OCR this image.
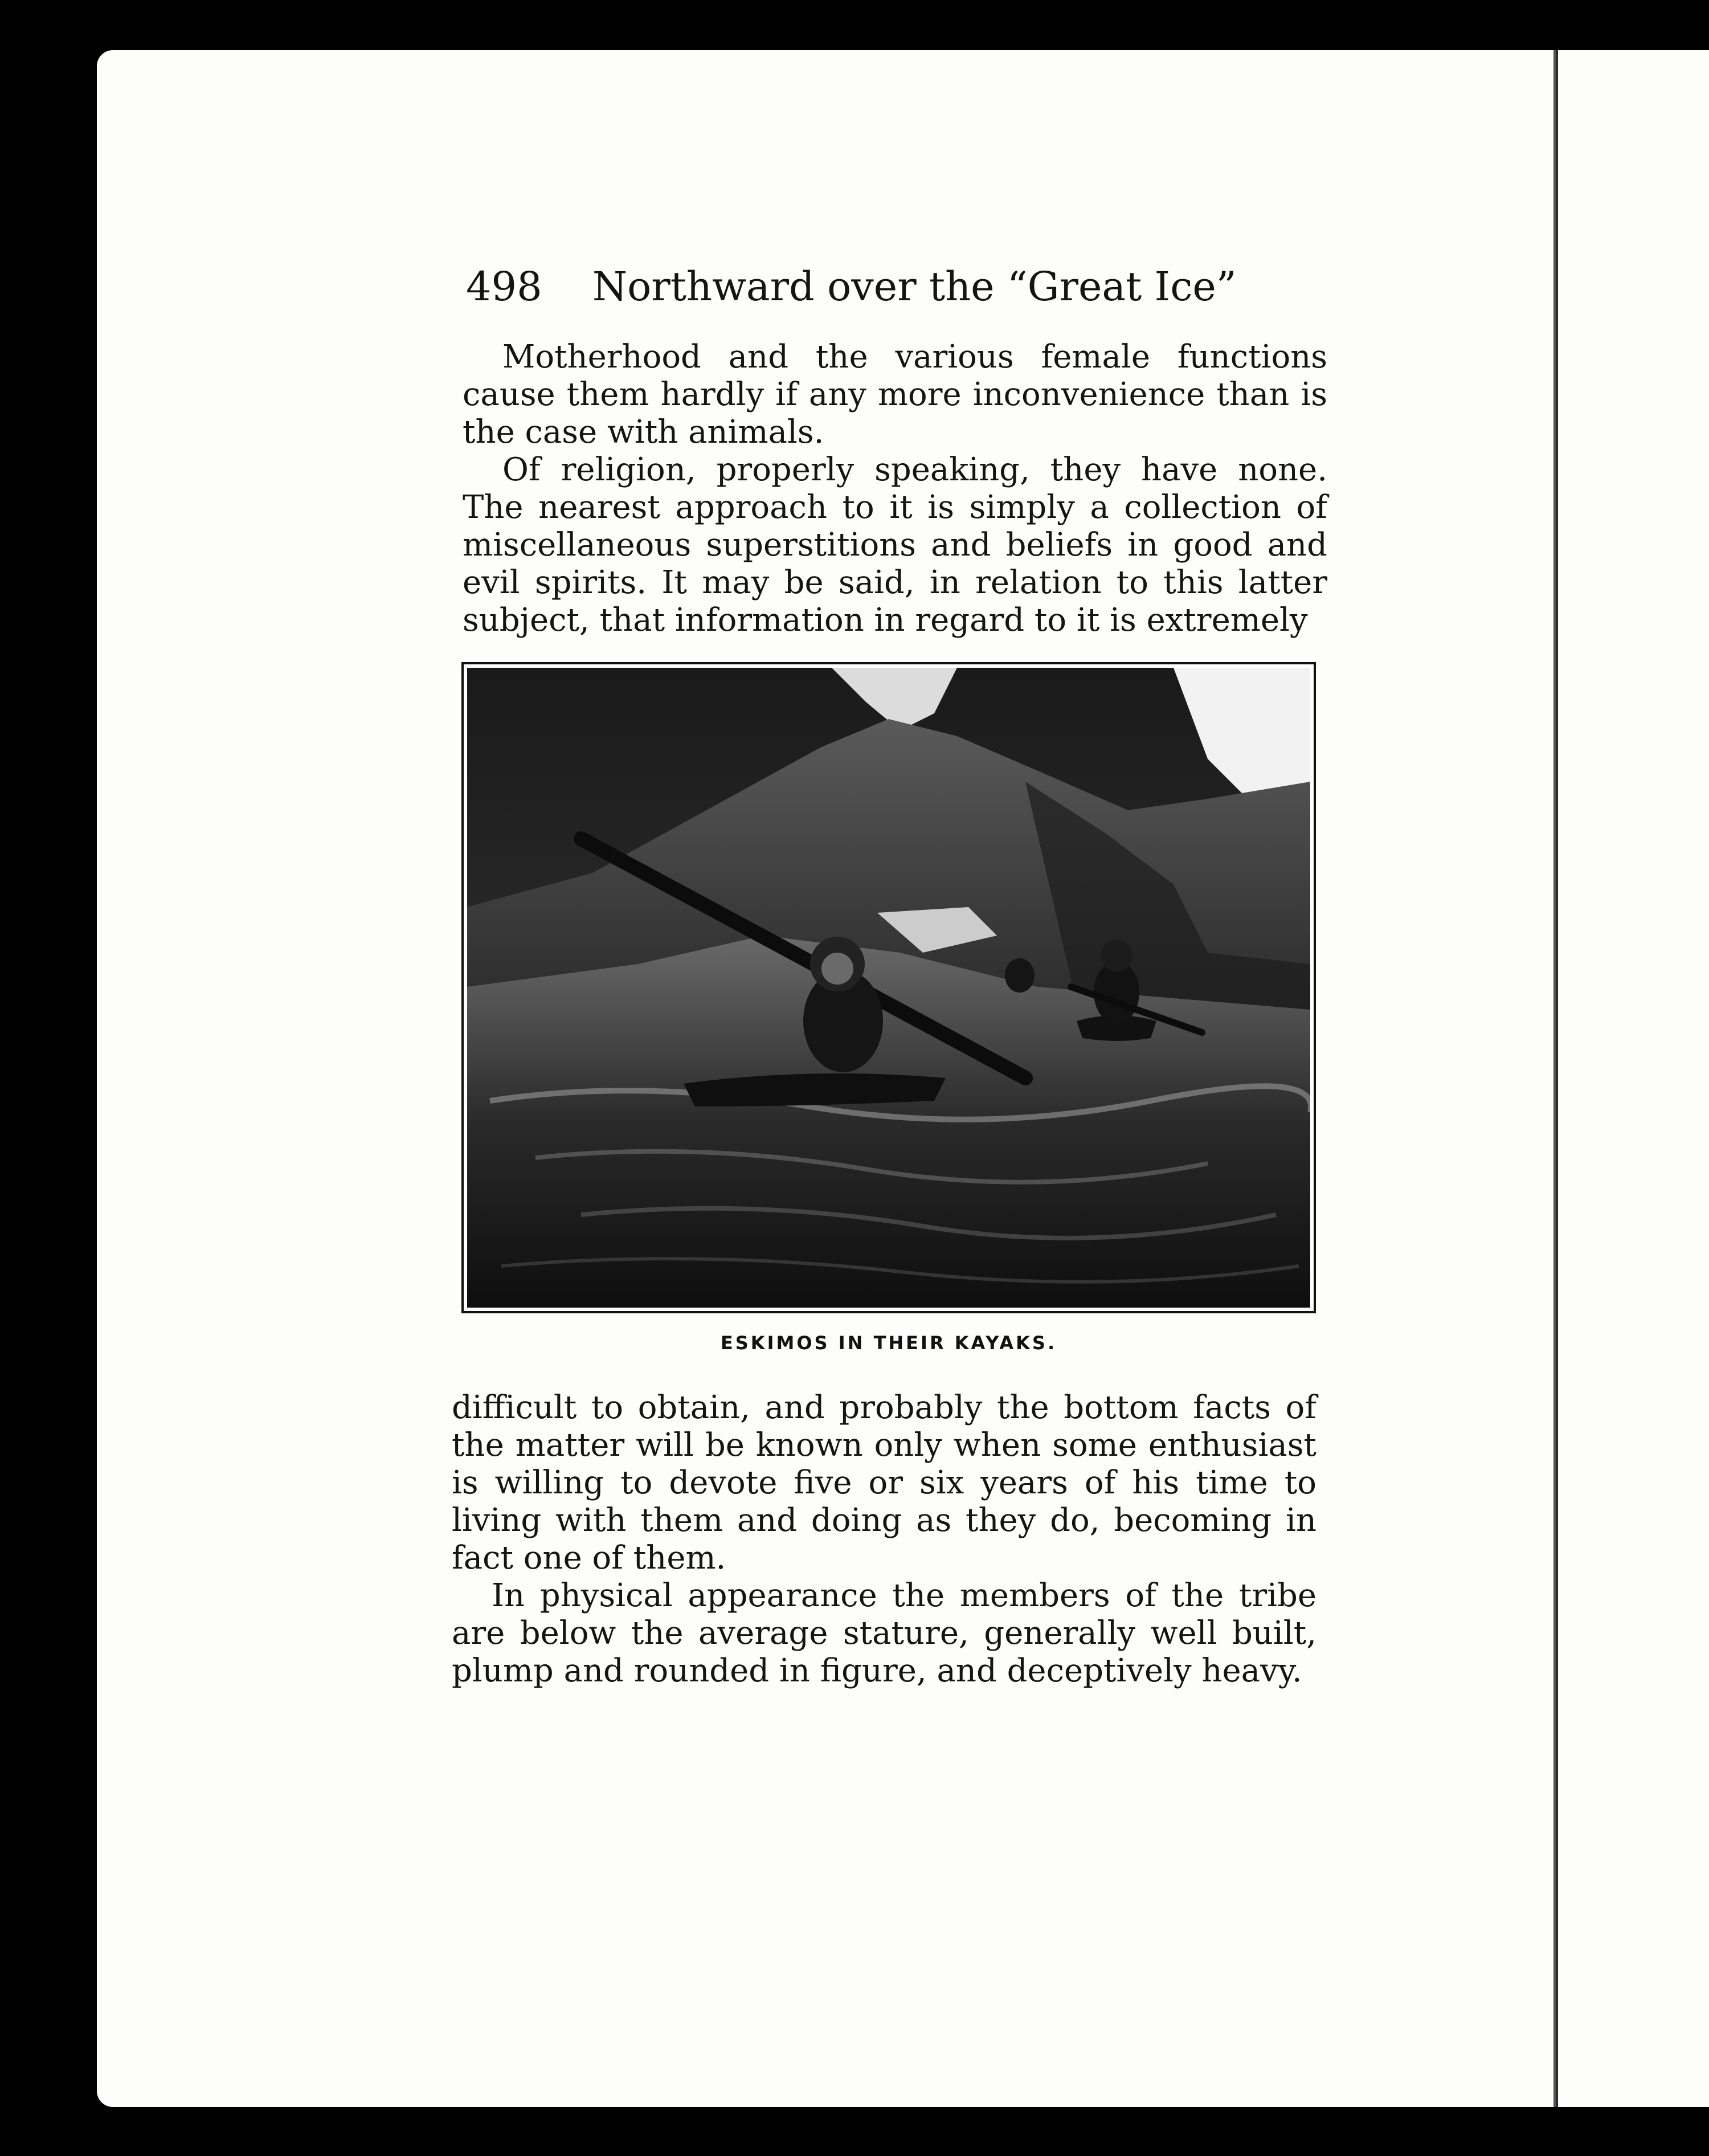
498 Northward over the “Great Ice”

Motherhood and the various female functions cause them hardly if any more inconvenience than is the case with animals.

Of religion, properly speaking, they have none. The nearest approach to it is simply a collection of miscellaneous superstitions and beliefs in good and evil spirits. It may be said, in relation to this latter subject, that information in regard to it is extremely

ESKIMOS IN THEIR KAYAKS.

difficult to obtain, and probably the bottom facts of the matter will be known only when some enthusiast is willing to devote five or six years of his time to living with them and doing as they do, becoming in fact one of them.

In physical appearance the members of the tribe are below the average stature, generally well built, plump and rounded in figure, and deceptively heavy.
